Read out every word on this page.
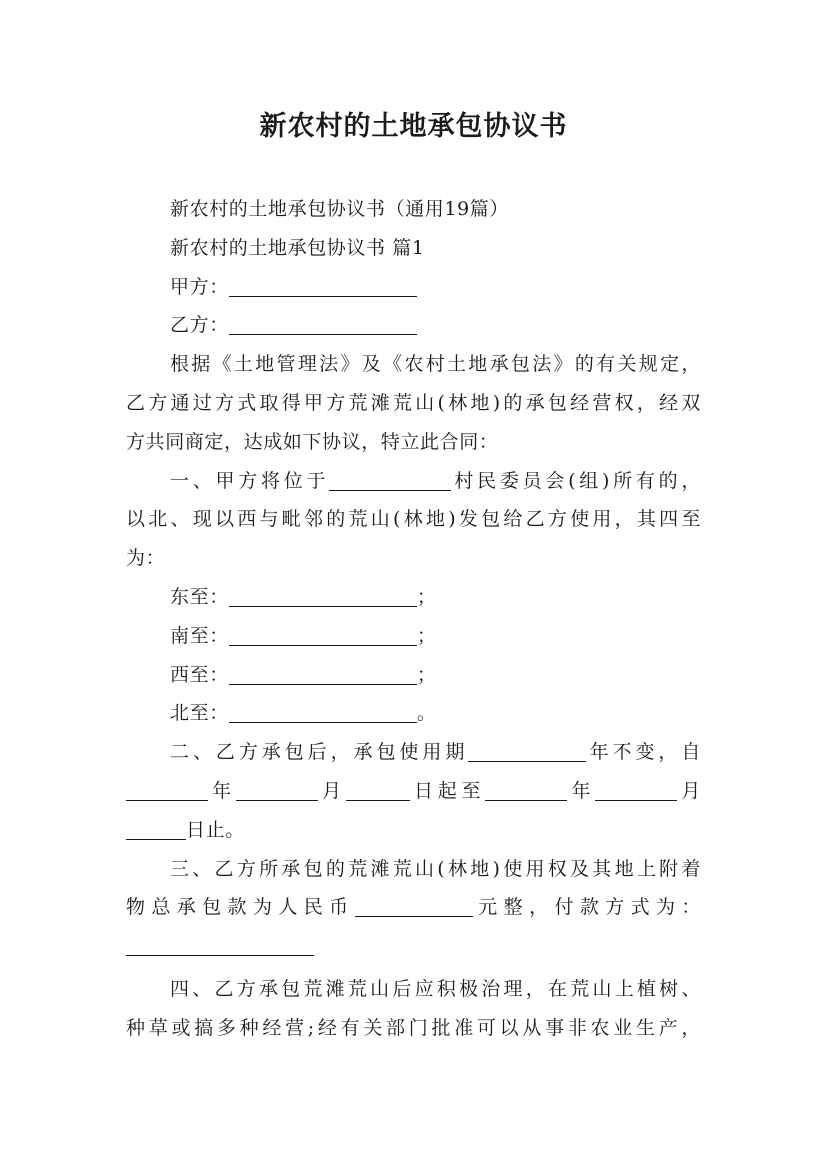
新农村的土地承包协议书
新农村的土地承包协议书（通用19篇）
新农村的土地承包协议书 篇1
甲方：
乙方：
根据《土地管理法》及《农村土地承包法》的有关规定，
乙方通过方式取得甲方荒滩荒山(林地)的承包经营权，经双
方共同商定，达成如下协议，特立此合同：
一、甲方将位于	村民委员会(组)所有的，
以北、现以西与毗邻的荒山(林地)发包给乙方使用，其四至
为：
东至：	；
南至：	；
西至：	；
北至：	。
二、乙方承包后，承包使用期	年不变，自
年	月	日起至	年	月
日止。
三、乙方所承包的荒滩荒山(林地)使用权及其地上附着
物总承包款为人民币	元整，付款方式为：
四、乙方承包荒滩荒山后应积极治理，在荒山上植树、
种草或搞多种经营;经有关部门批准可以从事非农业生产，
